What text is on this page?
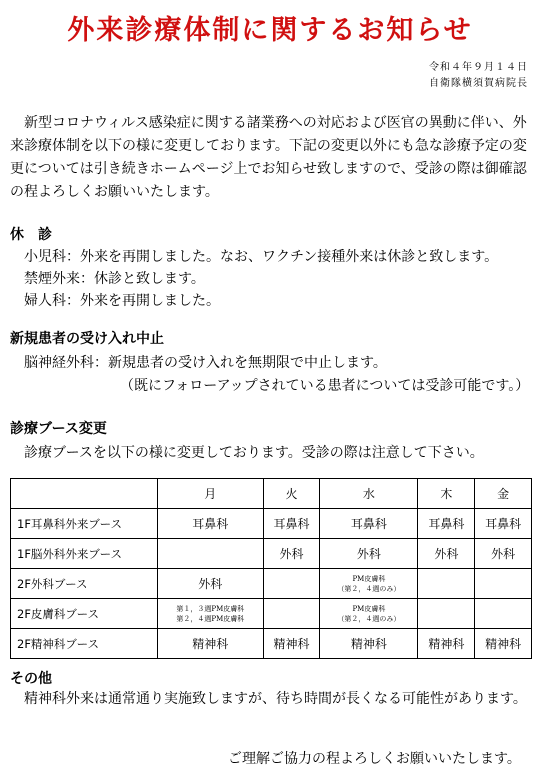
外来診療体制に関するお知らせ
令和４年９月１４日
自衛隊横須賀病院長
　新型コロナウィルス感染症に関する諸業務への対応および医官の異動に伴い、外来診療体制を以下の様に変更しております。下記の変更以外にも急な診療予定の変更については引き続きホームページ上でお知らせ致しますので、受診の際は御確認の程よろしくお願いいたします。
休　診
小児科：外来を再開しました。なお、ワクチン接種外来は休診と致します。
禁煙外来：休診と致します。
婦人科：外来を再開しました。
新規患者の受け入れ中止
脳神経外科：新規患者の受け入れを無期限で中止します。
（既にフォローアップされている患者については受診可能です。）
診療ブース変更
診療ブースを以下の様に変更しております。受診の際は注意して下さい。
	月	火	水	木	金
1F耳鼻科外来ブース	耳鼻科	耳鼻科	耳鼻科	耳鼻科	耳鼻科
1F脳外科外来ブース		外科	外科	外科	外科
2F外科ブース	外科		PM皮膚科
（第２，４週のみ）		
2F皮膚科ブース	第１，３週PM皮膚科
第２，４週PM皮膚科		PM皮膚科
（第２，４週のみ）		
2F精神科ブース	精神科	精神科	精神科	精神科	精神科
その他
　精神科外来は通常通り実施致しますが、待ち時間が長くなる可能性があります。
ご理解ご協力の程よろしくお願いいたします。
